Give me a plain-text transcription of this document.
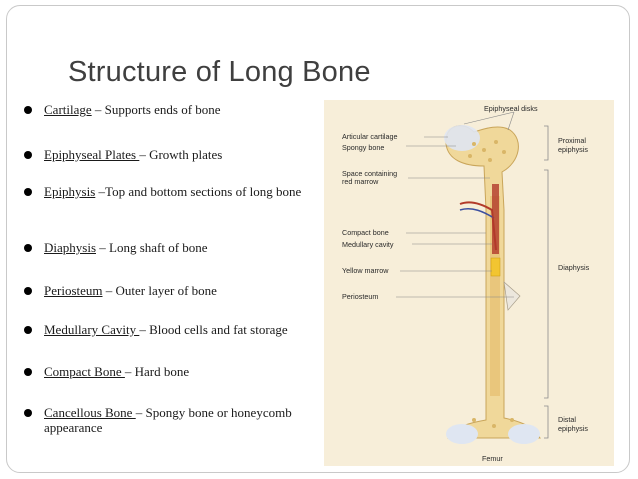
Structure of Long Bone
Cartilage – Supports ends of bone
Epiphyseal Plates – Growth plates
Epiphysis –Top and bottom sections of long bone
Diaphysis – Long shaft of bone
Periosteum – Outer layer of bone
Medullary Cavity – Blood cells and fat storage
Compact Bone – Hard bone
Cancellous Bone – Spongy bone or honeycomb appearance
Epiphyseal disks
Articular cartilage
Spongy bone
Space containing
red marrow
Compact bone
Medullary cavity
Yellow marrow
Periosteum
Proximal
epiphysis
Diaphysis
Distal
epiphysis
Femur
